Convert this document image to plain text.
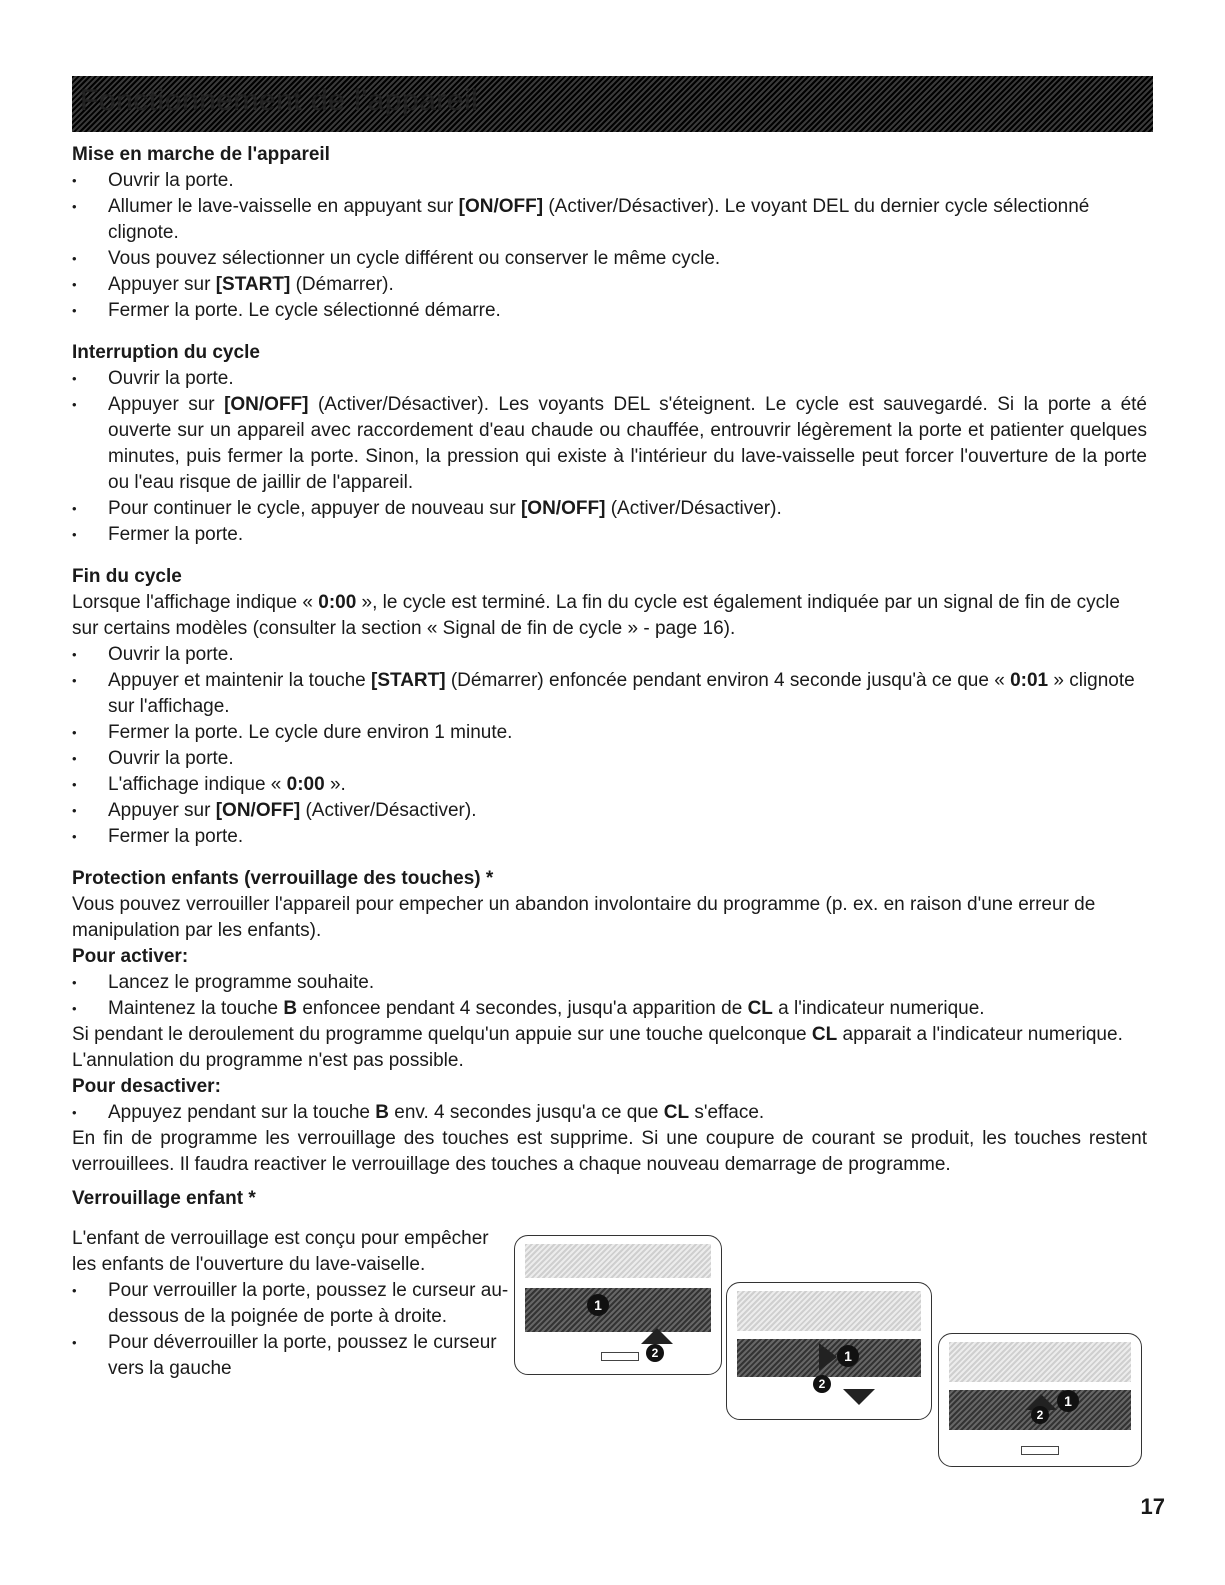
Fonctionnement de l'appareil
Mise en marche de l'appareil
• Ouvrir la porte.
• Allumer le lave-vaisselle en appuyant sur [ON/OFF] (Activer/Désactiver). Le voyant DEL du dernier cycle sélectionné clignote.
• Vous pouvez sélectionner un cycle différent ou conserver le même cycle.
• Appuyer sur [START] (Démarrer).
• Fermer la porte. Le cycle sélectionné démarre.
Interruption du cycle
• Ouvrir la porte.
• Appuyer sur [ON/OFF] (Activer/Désactiver). Les voyants DEL s'éteignent. Le cycle est sauvegardé. Si la porte a été ouverte sur un appareil avec raccordement d'eau chaude ou chauffée, entrouvrir légèrement la porte et patienter quelques minutes, puis fermer la porte. Sinon, la pression qui existe à l'intérieur du lave-vaisselle peut forcer l'ouverture de la porte ou l'eau risque de jaillir de l'appareil.
• Pour continuer le cycle, appuyer de nouveau sur [ON/OFF] (Activer/Désactiver).
• Fermer la porte.
Fin du cycle

Lorsque l'affichage indique « 0:00 », le cycle est terminé. La fin du cycle est également indiquée par un signal de fin de cycle sur certains modèles (consulter la section « Signal de fin de cycle » - page 16).

• Ouvrir la porte.
• Appuyer et maintenir la touche [START] (Démarrer) enfoncée pendant environ 4 seconde jusqu'à ce que « 0:01 » clignote sur l'affichage.
• Fermer la porte. Le cycle dure environ 1 minute.
• Ouvrir la porte.
• L'affichage indique « 0:00 ».
• Appuyer sur [ON/OFF] (Activer/Désactiver).
• Fermer la porte.
Protection enfants (verrouillage des touches) *

Vous pouvez verrouiller l'appareil pour empecher un abandon involontaire du programme (p. ex. en raison d'une erreur de manipulation par les enfants).

Pour activer:
• Lancez le programme souhaite.
• Maintenez la touche B enfoncee pendant 4 secondes, jusqu'a apparition de CL a l'indicateur numerique.

Si pendant le deroulement du programme quelqu'un appuie sur une touche quelconque CL apparait a l'indicateur numerique. L'annulation du programme n'est pas possible.

Pour desactiver:
• Appuyez pendant sur la touche B env. 4 secondes jusqu'a ce que CL s'efface.

En fin de programme les verrouillage des touches est supprime. Si une coupure de courant se produit, les touches restent verrouillees. Il faudra reactiver le verrouillage des touches a chaque nouveau demarrage de programme.

Verrouillage enfant *

L'enfant de verrouillage est conçu pour empêcher les enfants de l'ouverture du lave-vaiselle.

• Pour verrouiller la porte, poussez le curseur au-dessous de la poignée de porte à droite.
• Pour déverrouiller la porte, poussez le curseur vers la gauche
1
2	1
2
1
2
17
